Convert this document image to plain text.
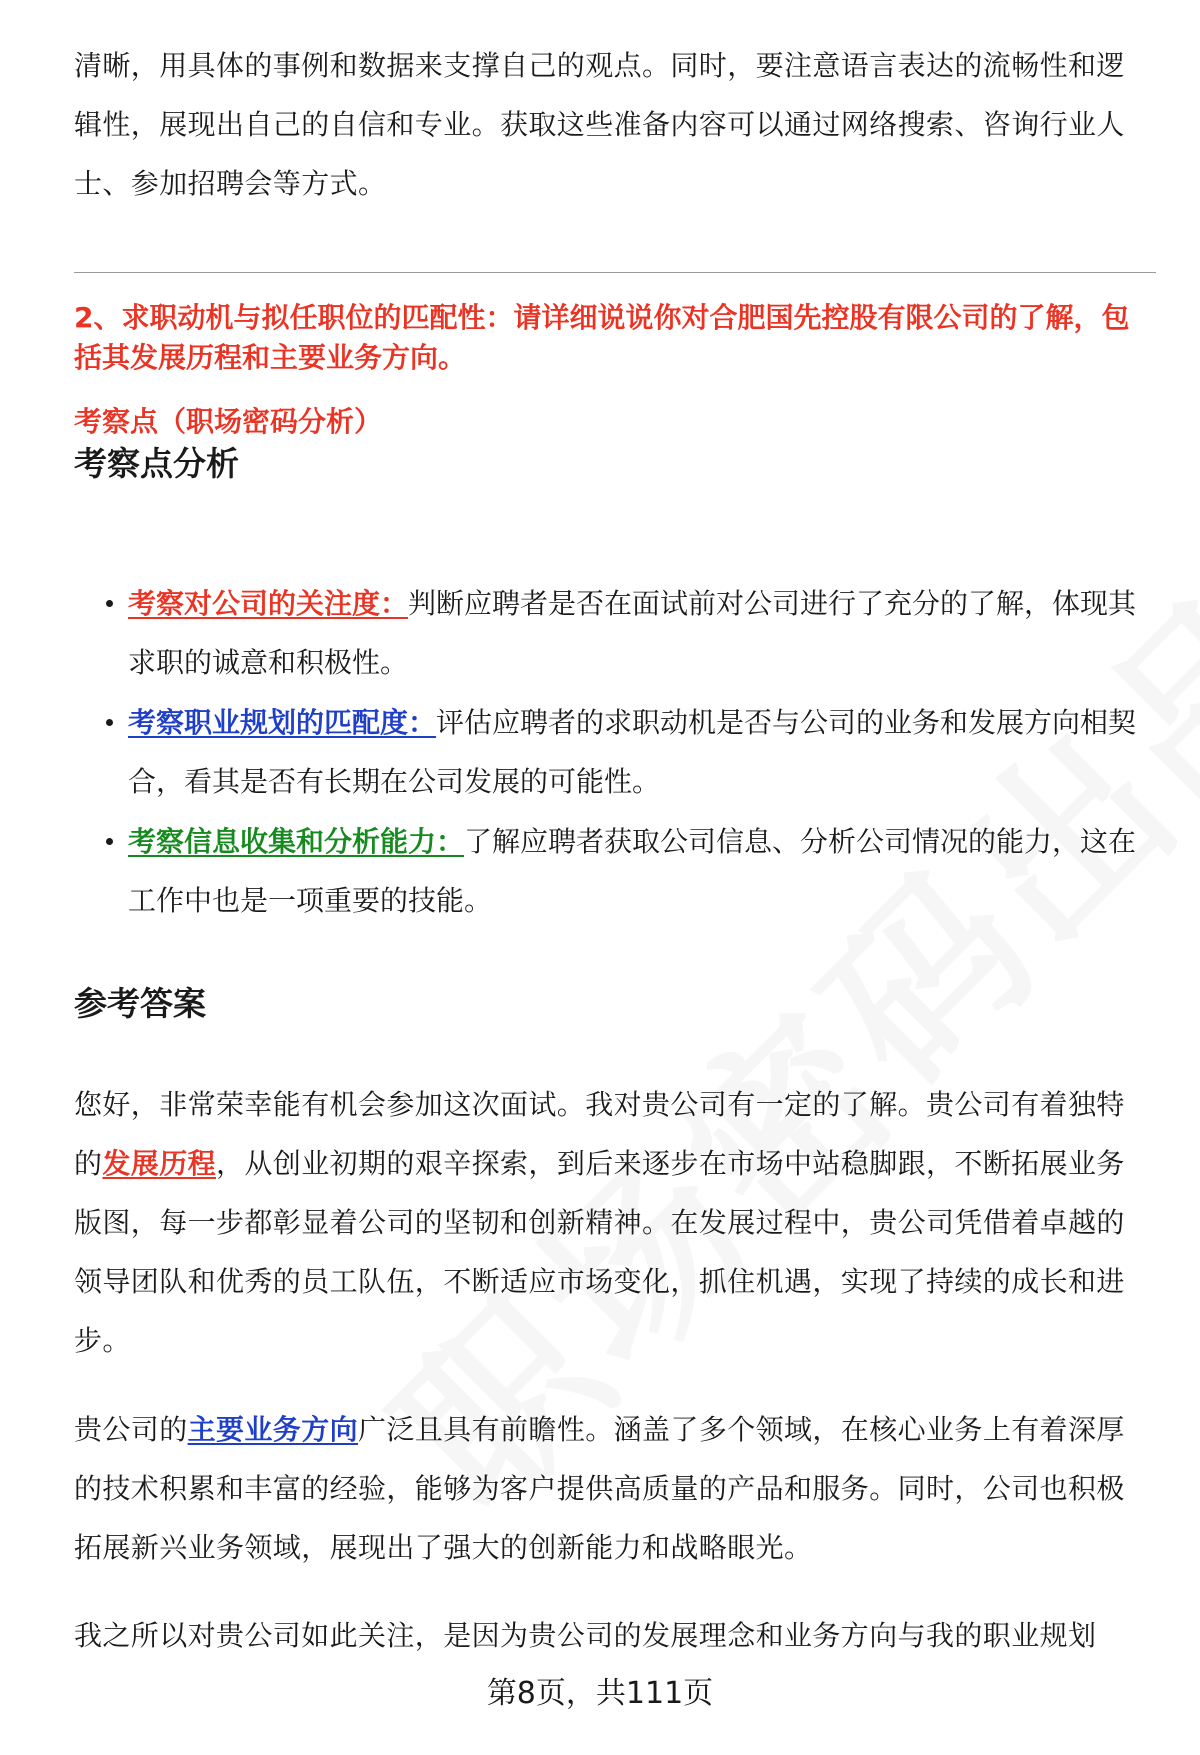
清晰，用具体的事例和数据来支撑自己的观点。同时，要注意语言表达的流畅性和逻辑性，展现出自己的自信和专业。获取这些准备内容可以通过网络搜索、咨询行业人士、参加招聘会等方式。

2、求职动机与拟任职位的匹配性：请详细说说你对合肥国先控股有限公司的了解，包括其发展历程和主要业务方向。

考察点（职场密码分析）

考察点分析
考察对公司的关注度：判断应聘者是否在面试前对公司进行了充分的了解，体现其求职的诚意和积极性。
考察职业规划的匹配度：评估应聘者的求职动机是否与公司的业务和发展方向相契合，看其是否有长期在公司发展的可能性。
考察信息收集和分析能力：了解应聘者获取公司信息、分析公司情况的能力，这在工作中也是一项重要的技能。
参考答案

您好，非常荣幸能有机会参加这次面试。我对贵公司有一定的了解。贵公司有着独特的发展历程，从创业初期的艰辛探索，到后来逐步在市场中站稳脚跟，不断拓展业务版图，每一步都彰显着公司的坚韧和创新精神。在发展过程中，贵公司凭借着卓越的领导团队和优秀的员工队伍，不断适应市场变化，抓住机遇，实现了持续的成长和进步。

贵公司的主要业务方向广泛且具有前瞻性。涵盖了多个领域，在核心业务上有着深厚的技术积累和丰富的经验，能够为客户提供高质量的产品和服务。同时，公司也积极拓展新兴业务领域，展现出了强大的创新能力和战略眼光。

我之所以对贵公司如此关注，是因为贵公司的发展理念和业务方向与我的职业规划

第8页，共111页
